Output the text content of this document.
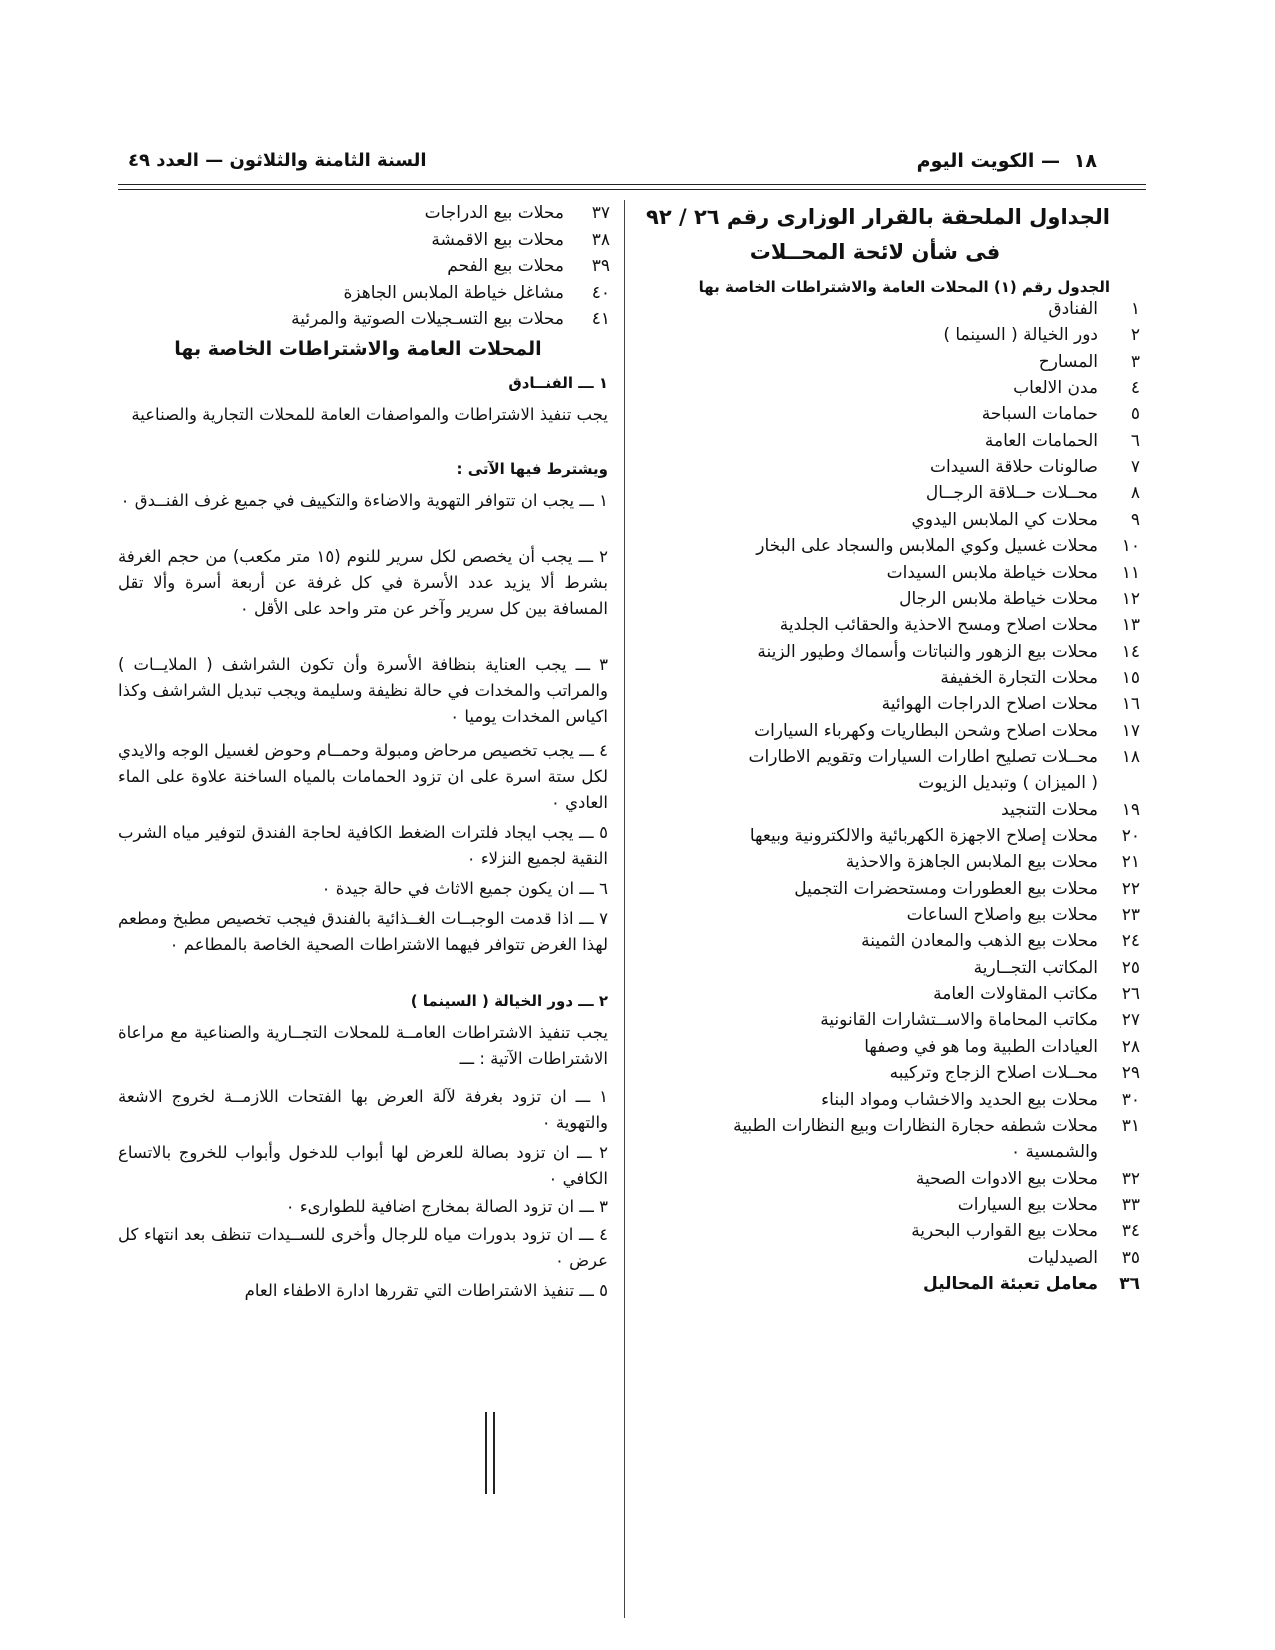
١٨
— الكويت اليوم
السنة الثامنة والثلاثون — العدد ٤٩
الجداول الملحقة بالقرار الوزارى رقم ٢٦ / ٩٢
فى شأن لائحة المحــلات
الجدول رقم (١) المحلات العامة والاشتراطات الخاصة بها
١
الفنادق
٢
دور الخيالة ( السينما )
٣
المسارح
٤
مدن الالعاب
٥
حمامات السباحة
٦
الحمامات العامة
٧
صالونات حلاقة السيدات
٨
محــلات حــلاقة الرجــال
٩
محلات كي الملابس اليدوي
١٠
محلات غسيل وكوي الملابس والسجاد على البخار
١١
محلات خياطة ملابس السيدات
١٢
محلات خياطة ملابس الرجال
١٣
محلات اصلاح ومسح الاحذية والحقائب الجلدية
١٤
محلات بيع الزهور والنباتات وأسماك وطيور الزينة
١٥
محلات التجارة الخفيفة
١٦
محلات اصلاح الدراجات الهوائية
١٧
محلات اصلاح وشحن البطاريات وكهرباء السيارات
١٨
محــلات تصليح اطارات السيارات وتقويم الاطارات
( الميزان ) وتبديل الزيوت
١٩
محلات التنجيد
٢٠
محلات إصلاح الاجهزة الكهربائية والالكترونية وبيعها
٢١
محلات بيع الملابس الجاهزة والاحذية
٢٢
محلات بيع العطورات ومستحضرات التجميل
٢٣
محلات بيع واصلاح الساعات
٢٤
محلات بيع الذهب والمعادن الثمينة
٢٥
المكاتب التجــارية
٢٦
مكاتب المقاولات العامة
٢٧
مكاتب المحاماة والاســتشارات القانونية
٢٨
العيادات الطبية وما هو في وصفها
٢٩
محــلات اصلاح الزجاج وتركيبه
٣٠
محلات بيع الحديد والاخشاب ومواد البناء
٣١
محلات شطفه حجارة النظارات وبيع النظارات الطبية
والشمسية ٠
٣٢
محلات بيع الادوات الصحية
٣٣
محلات بيع السيارات
٣٤
محلات بيع القوارب البحرية
٣٥
الصيدليات
٣٦
معامل تعبئة المحاليل
٣٧
محلات بيع الدراجات
٣٨
محلات بيع الاقمشة
٣٩
محلات بيع الفحم
٤٠
مشاغل خياطة الملابس الجاهزة
٤١
محلات بيع التسـجيلات الصوتية والمرئية
المحلات العامة والاشتراطات الخاصة بها
١ ـــ الفنــادق
يجب تنفيذ الاشتراطات والمواصفات العامة للمحلات التجارية والصناعية
ويشترط فيها الآتى :
١ ـــ يجب ان تتوافر التهوية والاضاءة والتكييف في جميع غرف الفنــدق ٠
٢ ـــ يجب أن يخصص لكل سرير للنوم (١٥ متر مكعب) من حجم الغرفة بشرط ألا يزيد عدد الأسرة في كل غرفة عن أربعة أسرة وألا تقل المسافة بين كل سرير وآخر عن متر واحد على الأقل ٠
٣ ـــ يجب العناية بنظافة الأسرة وأن تكون الشراشف ( الملايــات ) والمراتب والمخدات في حالة نظيفة وسليمة ويجب تبديل الشراشف وكذا اكياس المخدات يوميا ٠
٤ ـــ يجب تخصيص مرحاض ومبولة وحمــام وحوض لغسيل الوجه والايدي لكل ستة اسرة على ان تزود الحمامات بالمياه الساخنة علاوة على الماء العادي ٠
٥ ـــ يجب ايجاد فلترات الضغط الكافية لحاجة الفندق لتوفير مياه الشرب النقية لجميع النزلاء ٠
٦ ـــ ان يكون جميع الاثاث في حالة جيدة ٠
٧ ـــ اذا قدمت الوجبــات الغــذائية بالفندق فيجب تخصيص مطبخ ومطعم لهذا الغرض تتوافر فيهما الاشتراطات الصحية الخاصة بالمطاعم ٠
٢ ـــ دور الخيالة ( السينما )
يجب تنفيذ الاشتراطات العامــة للمحلات التجــارية والصناعية مع مراعاة الاشتراطات الآتية : ـــ
١ ـــ ان تزود بغرفة لآلة العرض بها الفتحات اللازمــة لخروج الاشعة والتهوية ٠
٢ ـــ ان تزود بصالة للعرض لها أبواب للدخول وأبواب للخروج بالاتساع الكافي ٠
٣ ـــ ان تزود الصالة بمخارج اضافية للطوارىء ٠
٤ ـــ ان تزود بدورات مياه للرجال وأخرى للســيدات تنظف بعد انتهاء كل عرض ٠
٥ ـــ تنفيذ الاشتراطات التي تقررها ادارة الاطفاء العام
